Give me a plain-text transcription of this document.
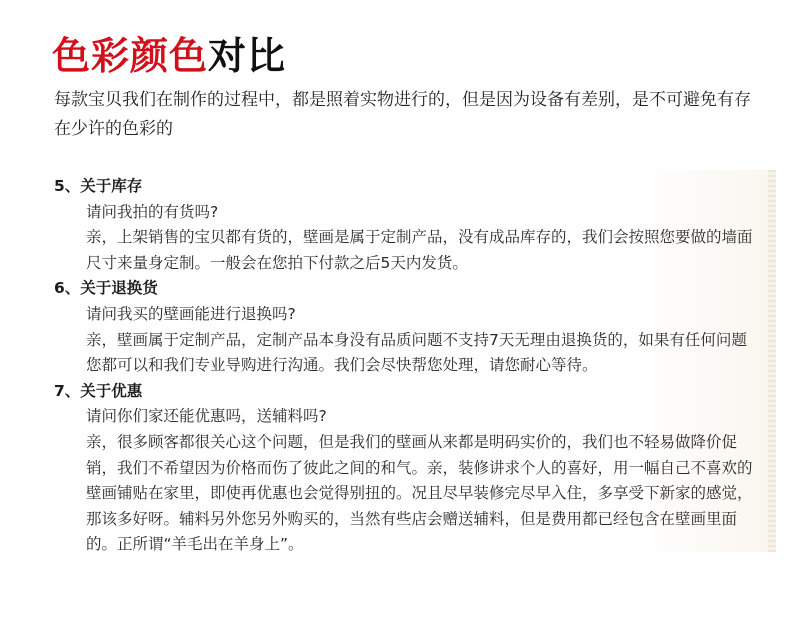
色彩颜色对比
每款宝贝我们在制作的过程中，都是照着实物进行的，但是因为设备有差别，是不可避免有存在少许的色彩的

5、关于库存

请问我拍的有货吗?

亲，上架销售的宝贝都有货的，壁画是属于定制产品，没有成品库存的，我们会按照您要做的墙面尺寸来量身定制。一般会在您拍下付款之后5天内发货。

6、关于退换货

请问我买的壁画能进行退换吗?

亲，壁画属于定制产品，定制产品本身没有品质问题不支持7天无理由退换货的，如果有任何问题您都可以和我们专业导购进行沟通。我们会尽快帮您处理，请您耐心等待。

7、关于优惠

请问你们家还能优惠吗，送辅料吗?

亲，很多顾客都很关心这个问题，但是我们的壁画从来都是明码实价的，我们也不轻易做降价促销，我们不希望因为价格而伤了彼此之间的和气。亲，装修讲求个人的喜好，用一幅自己不喜欢的壁画铺贴在家里，即使再优惠也会觉得别扭的。况且尽早装修完尽早入住，多享受下新家的感觉，那该多好呀。辅料另外您另外购买的，当然有些店会赠送辅料，但是费用都已经包含在壁画里面的。正所谓“羊毛出在羊身上”。
